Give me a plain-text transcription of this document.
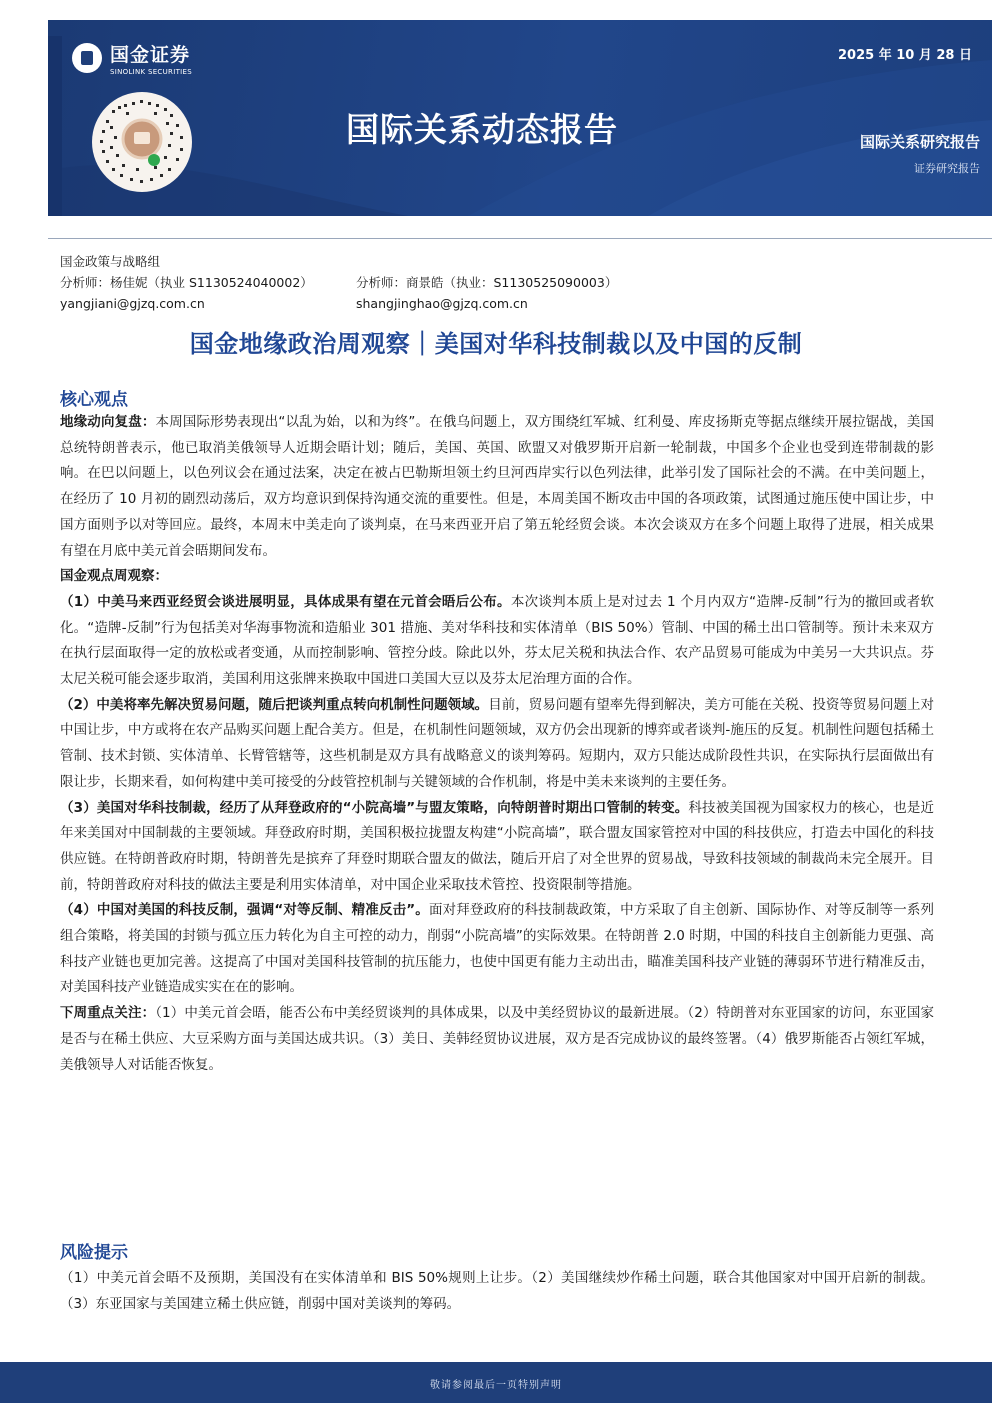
国金证券
SINOLINK SECURITIES
2025 年 10 月 28 日
国际关系动态报告	国际关系研究报告
证券研究报告
国金政策与战略组
分析师：杨佳妮（执业 S1130524040002）	分析师：商景皓（执业：S1130525090003）
yangjiani@gjzq.com.cn	shangjinghao@gjzq.com.cn
国金地缘政治周观察｜美国对华科技制裁以及中国的反制
核心观点

地缘动向复盘：本周国际形势表现出“以乱为始，以和为终”。在俄乌问题上，双方围绕红军城、红利曼、库皮扬斯克等据点继续开展拉锯战，美国总统特朗普表示，他已取消美俄领导人近期会晤计划；随后，美国、英国、欧盟又对俄罗斯开启新一轮制裁，中国多个企业也受到连带制裁的影响。在巴以问题上，以色列议会在通过法案，决定在被占巴勒斯坦领土约旦河西岸实行以色列法律，此举引发了国际社会的不满。在中美问题上，在经历了 10 月初的剧烈动荡后，双方均意识到保持沟通交流的重要性。但是，本周美国不断攻击中国的各项政策，试图通过施压使中国让步，中国方面则予以对等回应。最终，本周末中美走向了谈判桌，在马来西亚开启了第五轮经贸会谈。本次会谈双方在多个问题上取得了进展，相关成果有望在月底中美元首会晤期间发布。

国金观点周观察：

（1）中美马来西亚经贸会谈进展明显，具体成果有望在元首会晤后公布。本次谈判本质上是对过去 1 个月内双方“造牌-反制”行为的撤回或者软化。“造牌-反制”行为包括美对华海事物流和造船业 301 措施、美对华科技和实体清单（BIS 50%）管制、中国的稀土出口管制等。预计未来双方在执行层面取得一定的放松或者变通，从而控制影响、管控分歧。除此以外，芬太尼关税和执法合作、农产品贸易可能成为中美另一大共识点。芬太尼关税可能会逐步取消，美国利用这张牌来换取中国进口美国大豆以及芬太尼治理方面的合作。

（2）中美将率先解决贸易问题，随后把谈判重点转向机制性问题领域。目前，贸易问题有望率先得到解决，美方可能在关税、投资等贸易问题上对中国让步，中方或将在农产品购买问题上配合美方。但是，在机制性问题领域，双方仍会出现新的博弈或者谈判-施压的反复。机制性问题包括稀土管制、技术封锁、实体清单、长臂管辖等，这些机制是双方具有战略意义的谈判筹码。短期内，双方只能达成阶段性共识，在实际执行层面做出有限让步，长期来看，如何构建中美可接受的分歧管控机制与关键领域的合作机制，将是中美未来谈判的主要任务。

（3）美国对华科技制裁，经历了从拜登政府的“小院高墙”与盟友策略，向特朗普时期出口管制的转变。科技被美国视为国家权力的核心，也是近年来美国对中国制裁的主要领域。拜登政府时期，美国积极拉拢盟友构建“小院高墙”，联合盟友国家管控对中国的科技供应，打造去中国化的科技供应链。在特朗普政府时期，特朗普先是摈弃了拜登时期联合盟友的做法，随后开启了对全世界的贸易战，导致科技领域的制裁尚未完全展开。目前，特朗普政府对科技的做法主要是利用实体清单，对中国企业采取技术管控、投资限制等措施。

（4）中国对美国的科技反制，强调“对等反制、精准反击”。面对拜登政府的科技制裁政策，中方采取了自主创新、国际协作、对等反制等一系列组合策略，将美国的封锁与孤立压力转化为自主可控的动力，削弱“小院高墙”的实际效果。在特朗普 2.0 时期，中国的科技自主创新能力更强、高科技产业链也更加完善。这提高了中国对美国科技管制的抗压能力，也使中国更有能力主动出击，瞄准美国科技产业链的薄弱环节进行精准反击，对美国科技产业链造成实实在在的影响。

下周重点关注：（1）中美元首会晤，能否公布中美经贸谈判的具体成果，以及中美经贸协议的最新进展。（2）特朗普对东亚国家的访问，东亚国家是否与在稀土供应、大豆采购方面与美国达成共识。（3）美日、美韩经贸协议进展，双方是否完成协议的最终签署。（4）俄罗斯能否占领红军城，美俄领导人对话能否恢复。

风险提示

（1）中美元首会晤不及预期，美国没有在实体清单和 BIS 50%规则上让步。（2）美国继续炒作稀土问题，联合其他国家对中国开启新的制裁。（3）东亚国家与美国建立稀土供应链，削弱中国对美谈判的筹码。

敬请参阅最后一页特别声明
